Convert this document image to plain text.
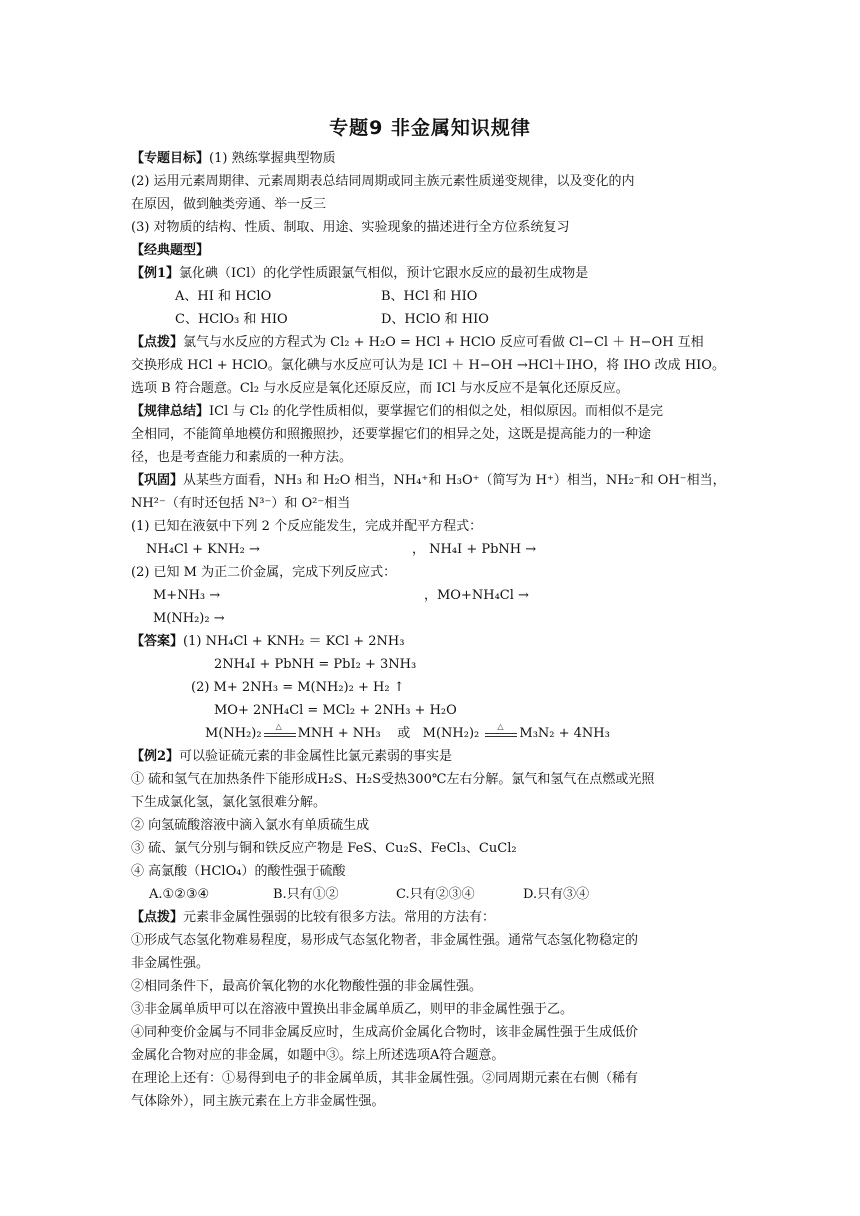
专题9 非金属知识规律
【专题目标】(1) 熟练掌握典型物质
(2) 运用元素周期律、元素周期表总结同周期或同主族元素性质递变规律，以及变化的内
在原因，做到触类旁通、举一反三
(3) 对物质的结构、性质、制取、用途、实验现象的描述进行全方位系统复习
【经典题型】
【例1】氯化碘（ICl）的化学性质跟氯气相似，预计它跟水反应的最初生成物是
A、HI 和 HClO	B、HCl 和 HIO
C、HClO₃ 和 HIO	D、HClO 和 HIO
【点拨】氯气与水反应的方程式为 Cl₂ + H₂O = HCl + HClO 反应可看做 Cl−Cl ＋ H−OH 互相
交换形成 HCl + HClO。氯化碘与水反应可认为是 ICl ＋ H−OH →HCl＋IHO，将 IHO 改成 HIO。
选项 B 符合题意。Cl₂ 与水反应是氧化还原反应，而 ICl 与水反应不是氧化还原反应。
【规律总结】ICl 与 Cl₂ 的化学性质相似，要掌握它们的相似之处，相似原因。而相似不是完
全相同，不能简单地模仿和照搬照抄，还要掌握它们的相异之处，这既是提高能力的一种途
径，也是考查能力和素质的一种方法。
【巩固】从某些方面看，NH₃ 和 H₂O 相当，NH₄⁺和 H₃O⁺（简写为 H⁺）相当，NH₂⁻和 OH⁻相当，
NH²⁻（有时还包括 N³⁻）和 O²⁻相当
(1) 已知在液氨中下列 2 个反应能发生，完成并配平方程式：
NH₄Cl + KNH₂ →	， NH₄I + PbNH →
(2) 已知 M 为正二价金属，完成下列反应式：
M+NH₃ →	，MO+NH₄Cl →
M(NH₂)₂ →
【答案】(1) NH₄Cl + KNH₂ ＝ KCl + 2NH₃
2NH₄I + PbNH = PbI₂ + 3NH₃
(2) M+ 2NH₃ = M(NH₂)₂ + H₂ ↑
MO+ 2NH₄Cl = MCl₂ + 2NH₃ + H₂O
M(NH₂)₂ △ MNH + NH₃ 或 M(NH₂)₂ △ M₃N₂ + 4NH₃
【例2】可以验证硫元素的非金属性比氯元素弱的事实是
① 硫和氢气在加热条件下能形成H₂S、H₂S受热300℃左右分解。氯气和氢气在点燃或光照
下生成氯化氢，氯化氢很难分解。
② 向氢硫酸溶液中滴入氯水有单质硫生成
③ 硫、氯气分别与铜和铁反应产物是 FeS、Cu₂S、FeCl₃、CuCl₂
④ 高氯酸（HClO₄）的酸性强于硫酸
A.①②③④	B.只有①②	C.只有②③④	D.只有③④
【点拨】元素非金属性强弱的比较有很多方法。常用的方法有：
①形成气态氢化物难易程度，易形成气态氢化物者，非金属性强。通常气态氢化物稳定的
非金属性强。
②相同条件下，最高价氧化物的水化物酸性强的非金属性强。
③非金属单质甲可以在溶液中置换出非金属单质乙，则甲的非金属性强于乙。
④同种变价金属与不同非金属反应时，生成高价金属化合物时，该非金属性强于生成低价
金属化合物对应的非金属，如题中③。综上所述选项A符合题意。
在理论上还有：①易得到电子的非金属单质，其非金属性强。②同周期元素在右侧（稀有
气体除外），同主族元素在上方非金属性强。
